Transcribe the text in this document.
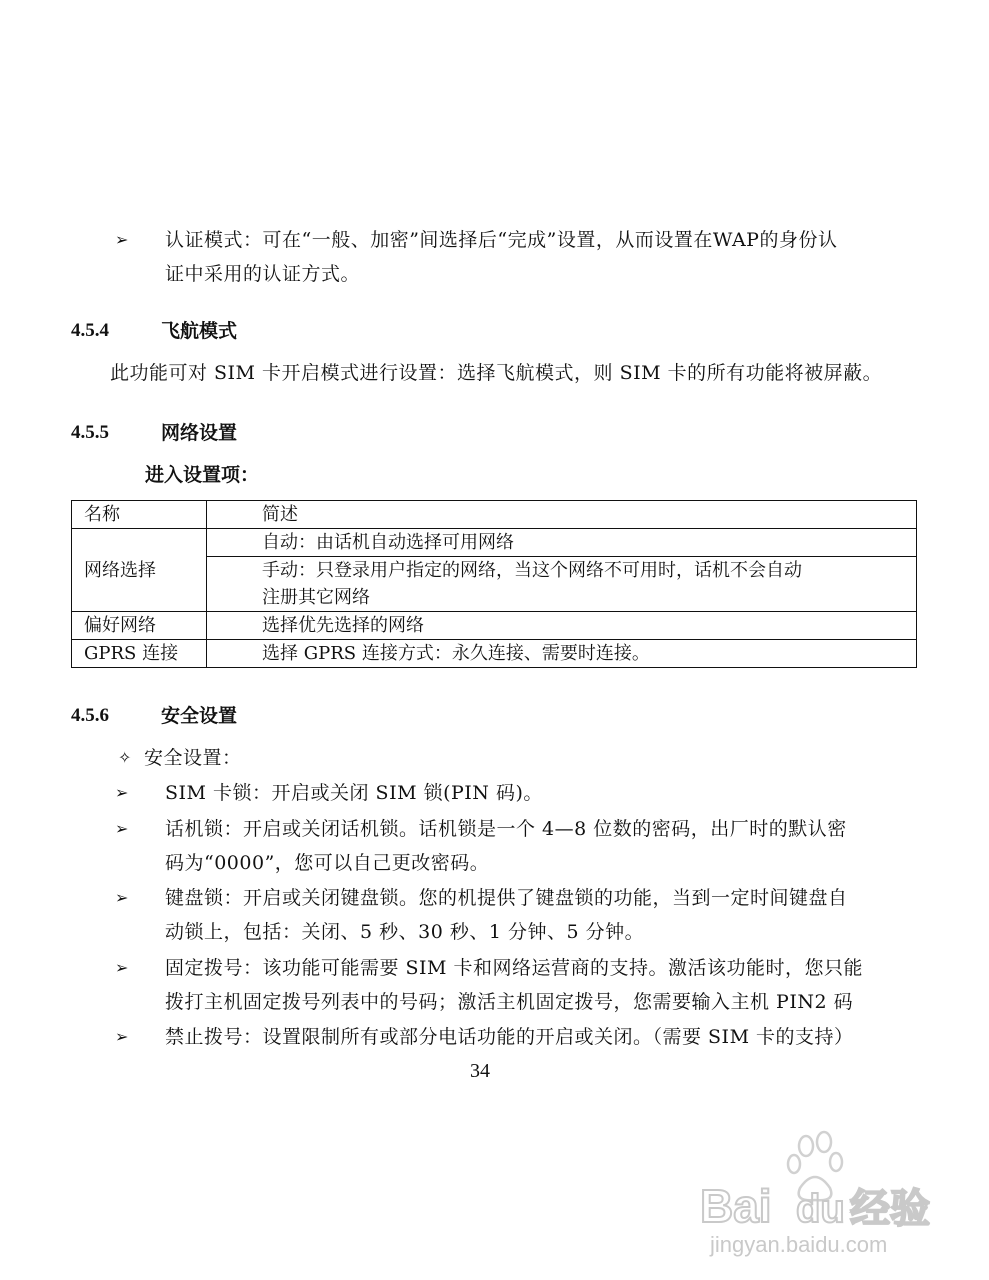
➢ 认证模式：可在“一般、加密”间选择后“完成”设置，从而设置在WAP的身份认
证中采用的认证方式。
4.5.4	飞航模式
此功能可对 SIM 卡开启模式进行设置：选择飞航模式，则 SIM 卡的所有功能将被屏蔽。
4.5.5	网络设置
进入设置项：
名称	简述
网络选择	自动：由话机自动选择可用网络

	手动：只登录用户指定的网络，当这个网络不可用时，话机不会自动
注册其它网络

偏好网络	选择优先选择的网络
GPRS 连接	选择 GPRS 连接方式：永久连接、需要时连接。
4.5.6	安全设置
✧ 安全设置：
➢ SIM 卡锁：开启或关闭 SIM 锁(PIN 码)。
➢ 话机锁：开启或关闭话机锁。话机锁是一个 4—8 位数的密码，出厂时的默认密
码为“0000”，您可以自己更改密码。
➢ 键盘锁：开启或关闭键盘锁。您的机提供了键盘锁的功能，当到一定时间键盘自
动锁上，包括：关闭、5 秒、30 秒、1 分钟、5 分钟。
➢ 固定拨号：该功能可能需要 SIM 卡和网络运营商的支持。激活该功能时，您只能
拨打主机固定拨号列表中的号码；激活主机固定拨号，您需要输入主机 PIN2 码
➢ 禁止拨号：设置限制所有或部分电话功能的开启或关闭。（需要 SIM 卡的支持）
34
Bai du 经验
jingyan.baidu.com
